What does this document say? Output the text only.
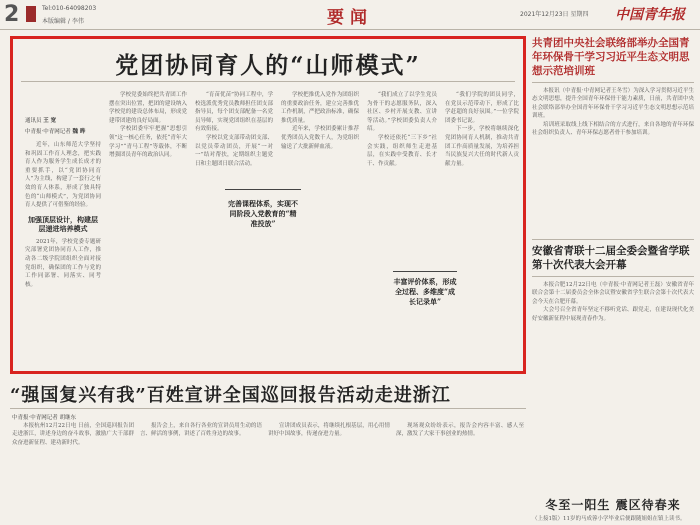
2	Tel:010-64098203
本版编辑 / 李伟	要闻	2021年12月23日 星期四 中国青年报
党团协同育人的“山师模式”
通讯员 王 宽
中青报·中青网记者 魏 晔

近年，山东师范大学坚持和巩固工作育人理念，把实践育人作为服务学生成长成才的重要抓手，以“党团协同育人”为主线，构建了一套行之有效的育人体系，形成了独具特色的“山师模式”，为党团协同育人提供了可借鉴的经验。

加强顶层设计，构建层层递进培养模式

2021年，学校党委专题研究部署党团协同育人工作，推动各二级学院团组织全面对接党组织，确保团的工作与党的工作同部署、同落实、同考核。

学校党委始终把共青团工作摆在突出位置，把团的建设纳入学校党的建设总体布局，形成党建带团建的良好局面。

学校团委牢牢把握“思想引领”这一核心任务，依托“青年大学习”“青马工程”等载体，不断增强团员青年的政治认同。

“育苗优苗”协同工程中，学校选派优秀党员教师担任团支部指导员，每个团支部配备一名党员导师，实现党团组织在基层的有效衔接。

学校以党支部带动团支部、以党员带动团员，开展“一对一”结对帮扶，定期组织主题党日和主题团日联合活动。

完善课程体系，实现不同阶段入党教育的“精准投放”

学校把推优入党作为团组织的重要政治任务，建立完善推优工作机制，严把政治标准，确保推优质量。

近年来，学校团委累计推荐优秀团员入党数千人，为党组织输送了大批新鲜血液。

“我们成立了以学生党员为骨干的志愿服务队，深入社区、乡村开展支教、宣讲等活动。”学校团委负责人介绍。

学校还依托“三下乡”社会实践，组织师生走进基层，在实践中受教育、长才干、作贡献。

丰富评价体系，形成全过程、多维度“成长记录单”

“我们学院的团员同学，在党员示范带动下，形成了比学赶超的良好氛围。”一位学院团委书记说。

下一步，学校将继续深化党团协同育人机制，推动共青团工作高质量发展，为培养担当民族复兴大任的时代新人贡献力量。

共青团中央社会联络部举办全国青年环保骨干学习习近平生态文明思想示范培训班

本报讯（中青报·中青网记者王冬雪）为深入学习贯彻习近平生态文明思想，提升全国青年环保骨干能力素质，日前，共青团中央社会联络部举办全国青年环保骨干学习习近平生态文明思想示范培训班。

培训班采取线上线下相结合的方式进行，来自各地的青年环保社会组织负责人、青年环保志愿者骨干参加培训。

安徽省青联十二届全委会暨省学联第十次代表大会开幕

本报合肥12月22日电（中青报·中青网记者王磊）安徽省青年联合会第十二届委员会全体会议暨安徽省学生联合会第十次代表大会今天在合肥开幕。

大会号召全省青年坚定不移听党话、跟党走，在建设现代化美好安徽新征程中展现青春作为。

冬至一阳生 震区待春来
（上接1版）11岁的马成蓉小学毕业后便跟随姐姐在镇上读书。
“强国复兴有我”百姓宣讲全国巡回报告活动走进浙江
中青报·中青网记者 胡继东

本报杭州12月22日电 日前，全国巡回报告团走进浙江，讲述身边的奋斗故事，激励广大干部群众奋进新征程、建功新时代。

报告会上，来自各行各业的宣讲员用生动的语言、鲜活的事例，讲述了百姓身边的故事。

宣讲团成员表示，将继续扎根基层，用心用情讲好中国故事，传递奋进力量。

现场观众纷纷表示，报告会内容丰富、感人至深，激发了大家干事创业的热情。
